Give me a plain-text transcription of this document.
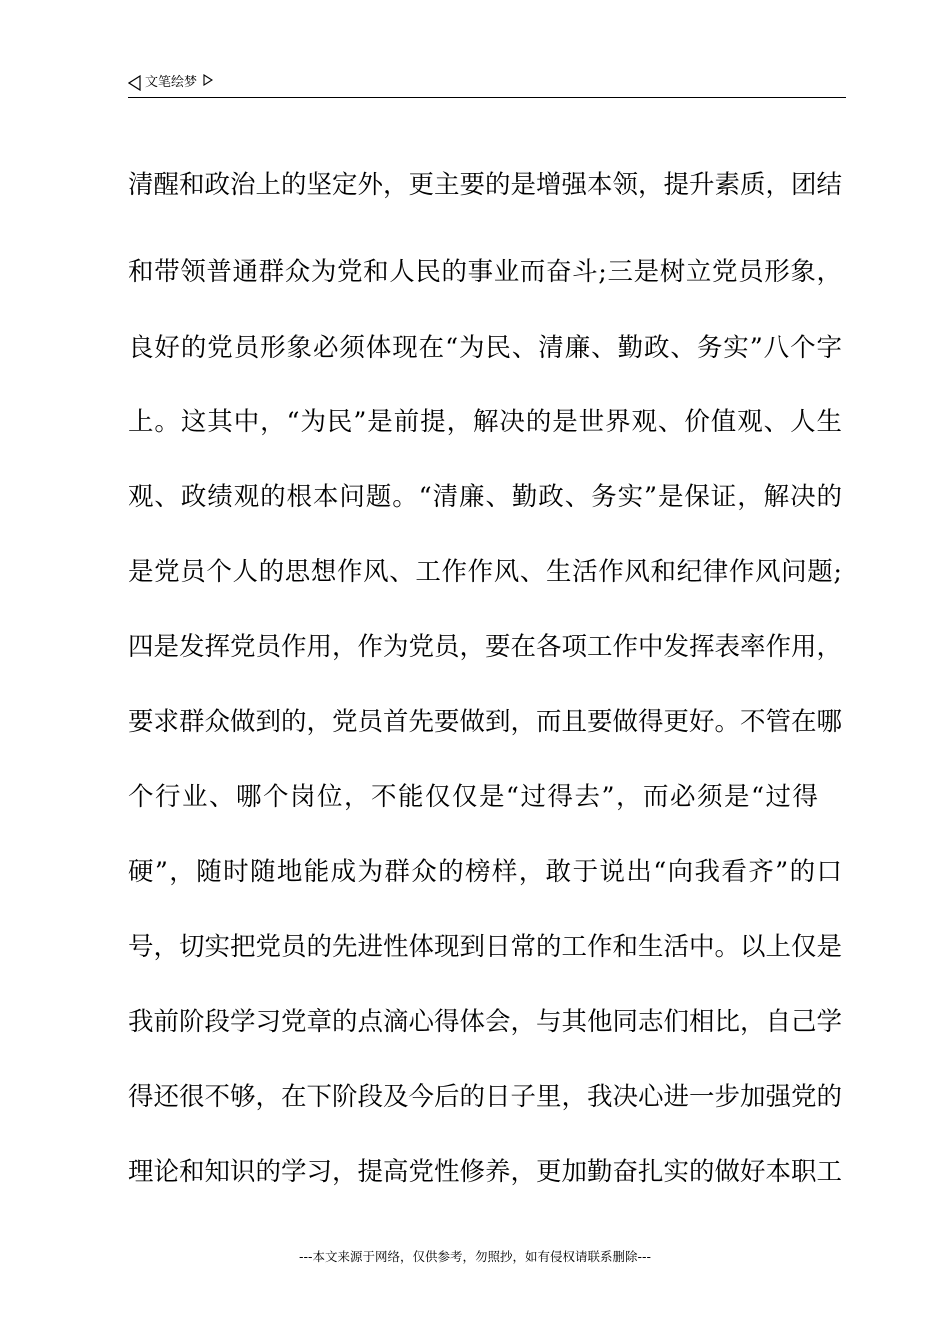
文笔绘梦
清醒和政治上的坚定外，更主要的是增强本领，提升素质，团结
和带领普通群众为党和人民的事业而奋斗;三是树立党员形象，
良好的党员形象必须体现在“为民、清廉、勤政、务实”八个字
上。这其中，“为民”是前提，解决的是世界观、价值观、人生
观、政绩观的根本问题。“清廉、勤政、务实”是保证，解决的
是党员个人的思想作风、工作作风、生活作风和纪律作风问题;
四是发挥党员作用，作为党员，要在各项工作中发挥表率作用，
要求群众做到的，党员首先要做到，而且要做得更好。不管在哪
个行业、哪个岗位，不能仅仅是“过得去”，而必须是“过得
硬”，随时随地能成为群众的榜样，敢于说出“向我看齐”的口
号，切实把党员的先进性体现到日常的工作和生活中。以上仅是
我前阶段学习党章的点滴心得体会，与其他同志们相比，自己学
得还很不够，在下阶段及今后的日子里，我决心进一步加强党的
理论和知识的学习，提高党性修养，更加勤奋扎实的做好本职工
---本文来源于网络，仅供参考，勿照抄，如有侵权请联系删除---
